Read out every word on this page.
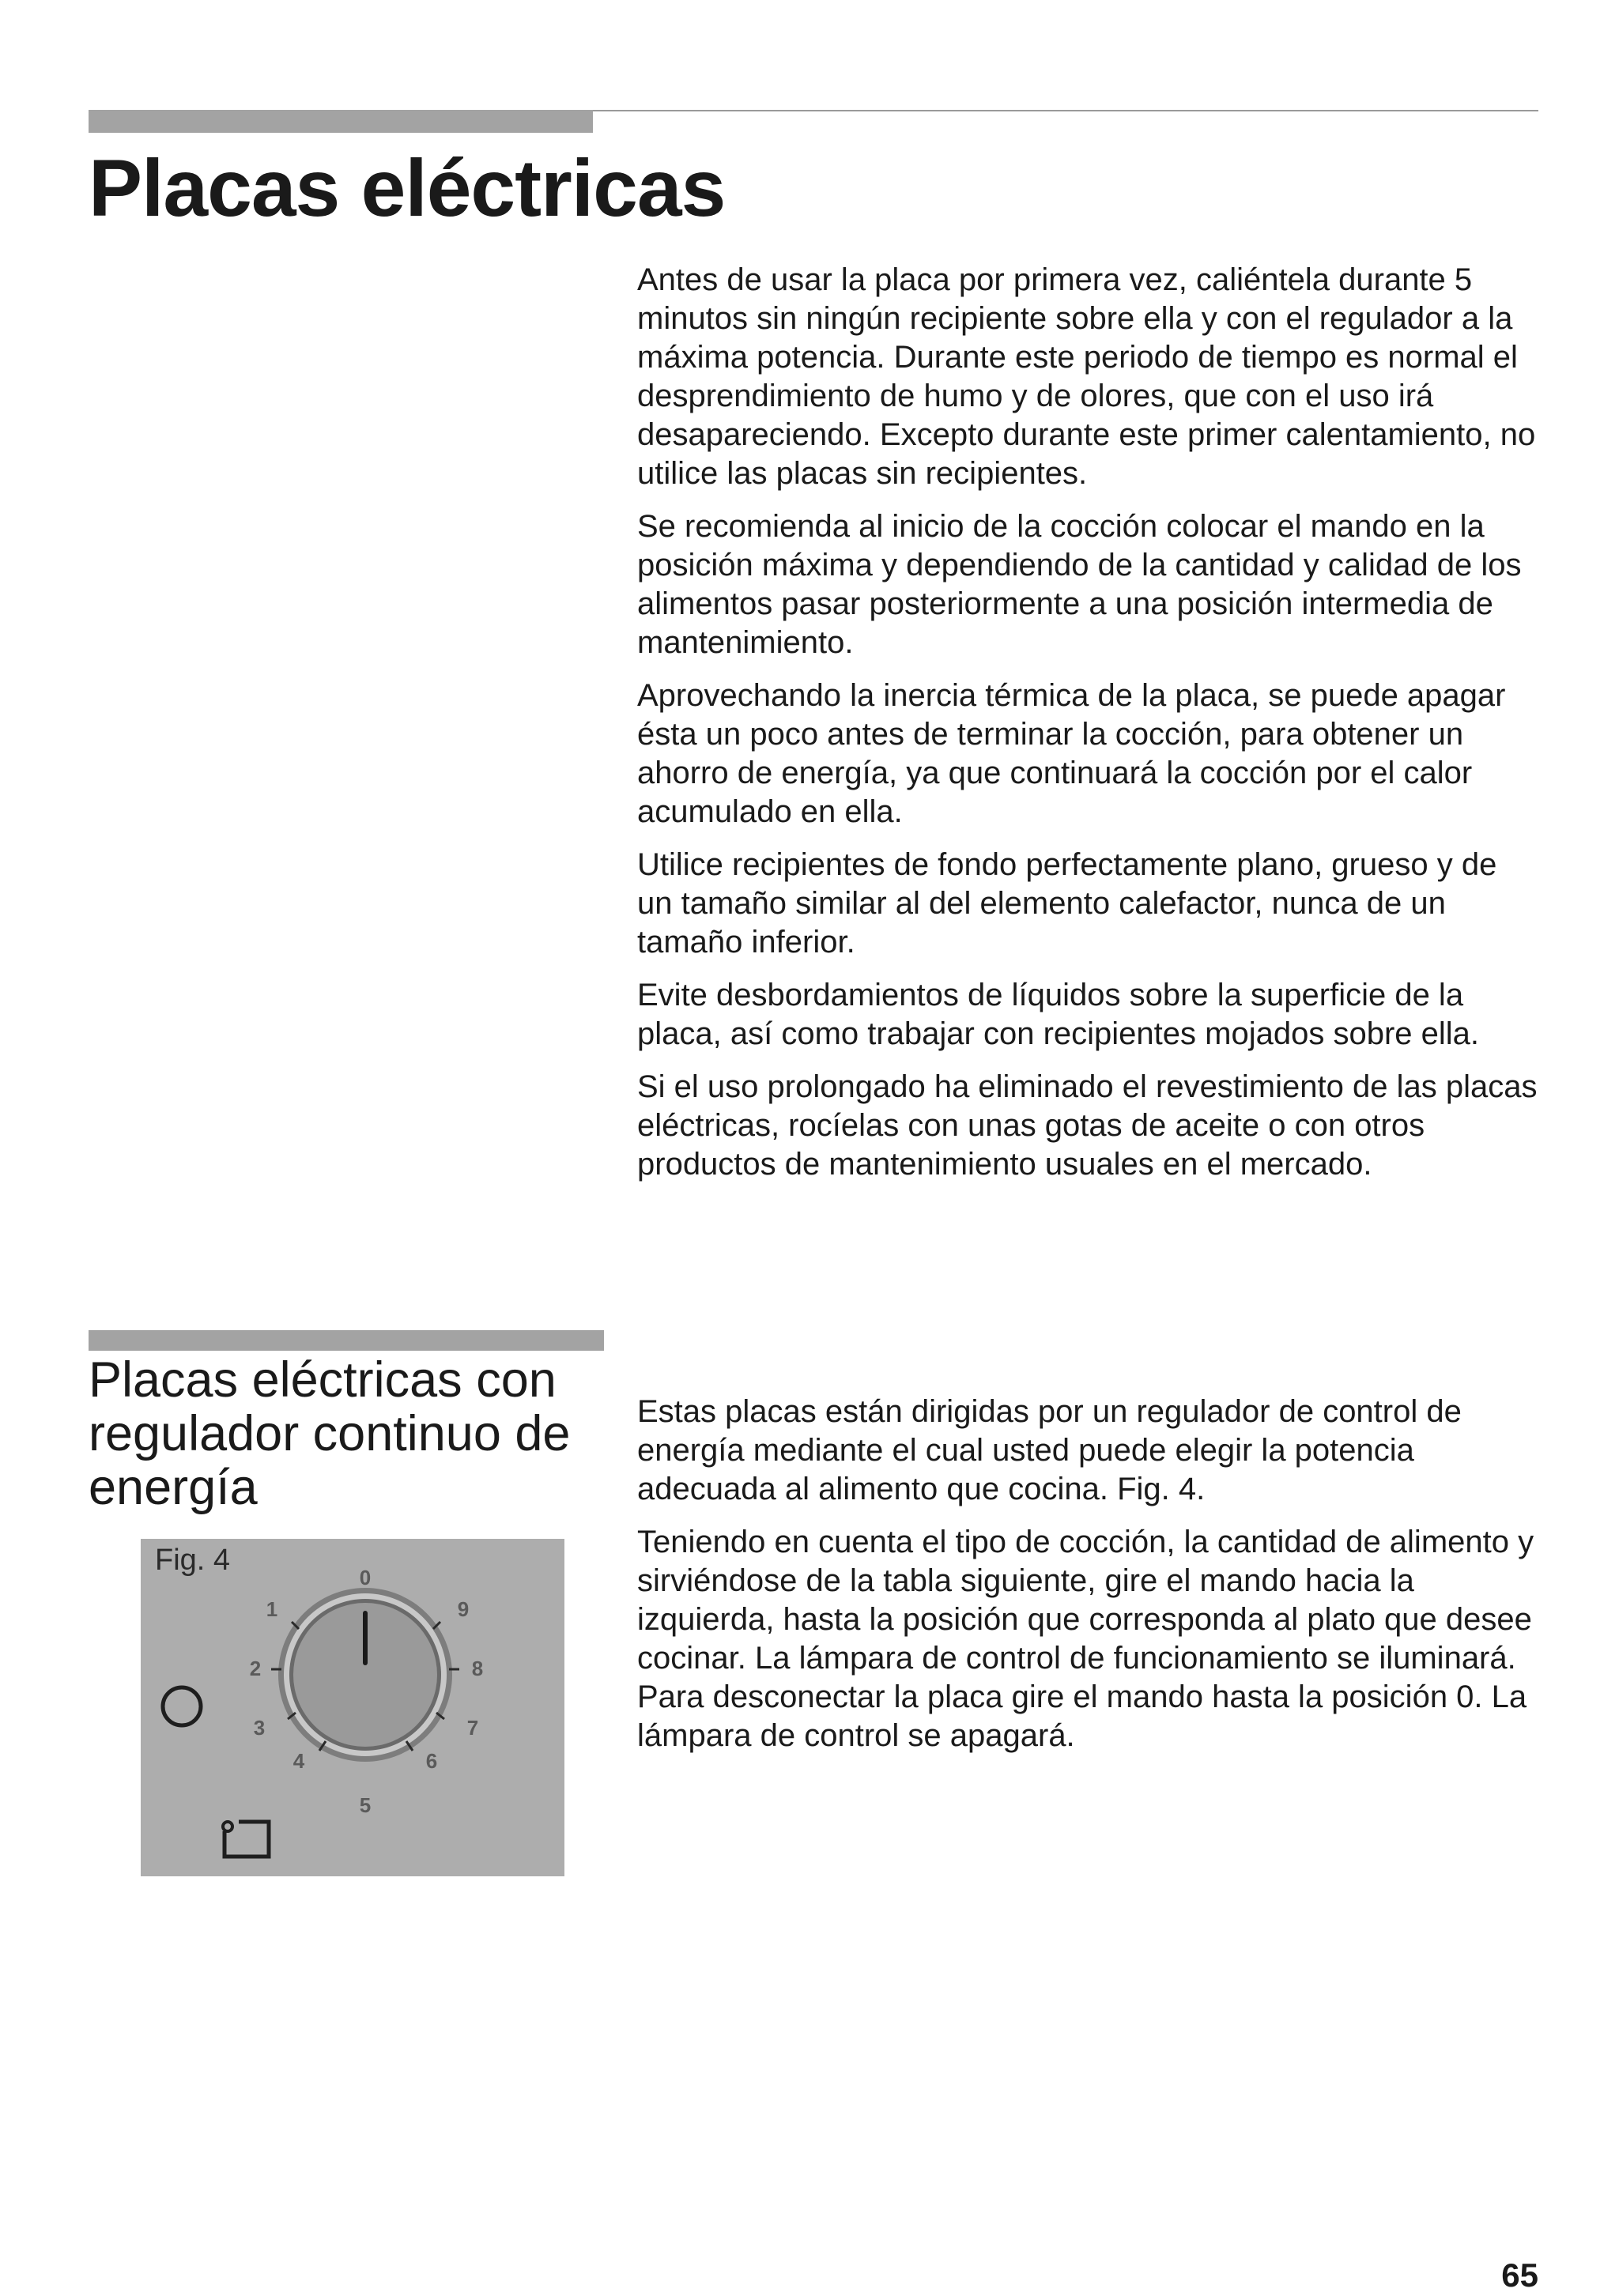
Placas eléctricas

Antes de usar la placa por primera vez, caliéntela durante 5 minutos sin ningún recipiente sobre ella y con el regulador a la máxima potencia. Durante este periodo de tiempo es normal el desprendimiento de humo y de olores, que con el uso irá desapareciendo. Excepto durante este primer calentamiento, no utilice las placas sin recipientes.

Se recomienda al inicio de la cocción colocar el mando en la posición máxima y dependiendo de la cantidad y calidad de los alimentos pasar posteriormente a una posición intermedia de mantenimiento.

Aprovechando la inercia térmica de la placa, se puede apagar ésta un poco antes de terminar la cocción, para obtener un ahorro de energía, ya que continuará la cocción por el calor acumulado en ella.

Utilice recipientes de fondo perfectamente plano, grueso y de un tamaño similar al del elemento calefactor, nunca de un tamaño inferior.

Evite desbordamientos de líquidos sobre la superficie de la placa, así como trabajar con recipientes mojados sobre ella.

Si el uso prolongado ha eliminado el revestimiento de las placas eléctricas, rocíelas con unas gotas de aceite o con otros productos de mantenimiento usuales en el mercado.

Placas eléctricas con regulador continuo de energía

Estas placas están dirigidas por un regulador de control de energía mediante el cual usted puede elegir la potencia adecuada al alimento que cocina. Fig. 4.

Teniendo en cuenta el tipo de cocción, la cantidad de alimento y sirviéndose de la tabla siguiente, gire el mando hacia la izquierda, hasta la posición que corresponda al plato que desee cocinar. La lámpara de control de funcionamiento se iluminará. Para desconectar la placa gire el mando hasta la posición 0. La lámpara de control se apagará.

0
1
2
3
4
5
6
7
8
9
Fig. 4
65
